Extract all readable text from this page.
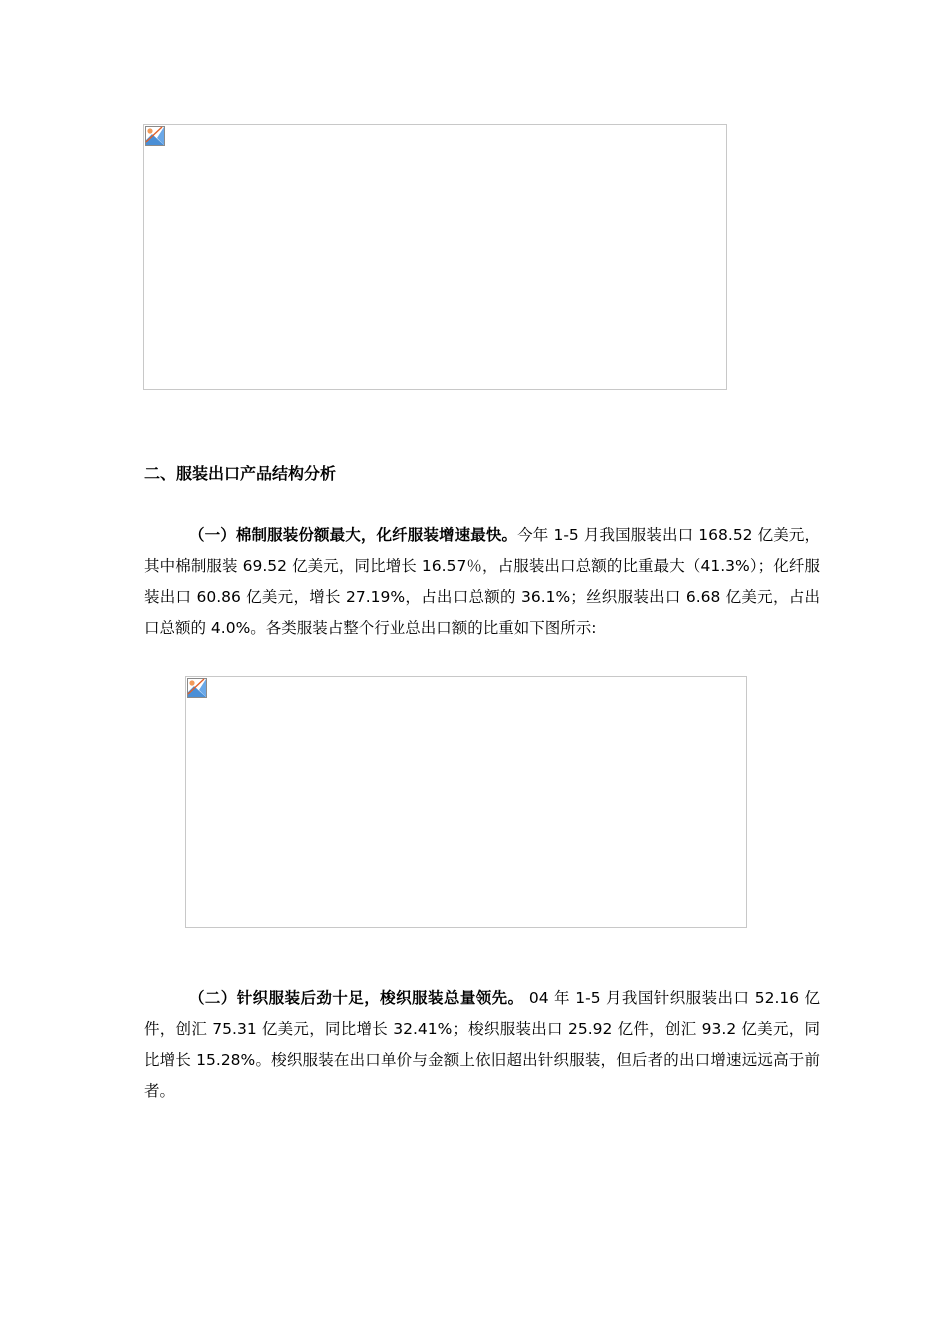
二、服装出口产品结构分析

（一）棉制服装份额最大，化纤服装增速最快。今年 1-5 月我国服装出口 168.52 亿美元，其中棉制服装 69.52 亿美元，同比增长 16.57％，占服装出口总额的比重最大（41.3%）；化纤服装出口 60.86 亿美元，增长 27.19%，占出口总额的 36.1%；丝织服装出口 6.68 亿美元，占出口总额的 4.0%。各类服装占整个行业总出口额的比重如下图所示:

（二）针织服装后劲十足，梭织服装总量领先。 04 年 1-5 月我国针织服装出口 52.16 亿件，创汇 75.31 亿美元，同比增长 32.41%；梭织服装出口 25.92 亿件，创汇 93.2 亿美元，同比增长 15.28%。梭织服装在出口单价与金额上依旧超出针织服装，但后者的出口增速远远高于前者。
